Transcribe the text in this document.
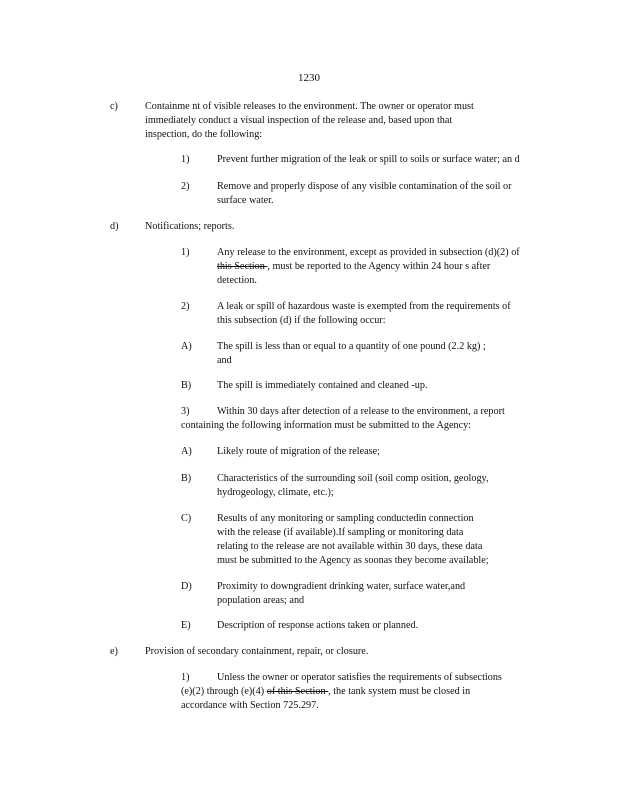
1230
c)	Containme nt of visible releases to the environment. The owner or operator must
immediately conduct a visual inspection of the release and, based upon that
inspection, do the following:
1)	Prevent further migration of the leak or spill to soils or surface water; an d
2)	Remove and properly dispose of any visible contamination of the soil or
surface water.
d)	Notifications; reports.
1)	Any release to the environment, except as provided in subsection (d)(2) of
this Section , must be reported to the Agency within 24 hour s after
detection.
2)	A leak or spill of hazardous waste is exempted from the requirements of
this subsection (d) if the following occur:
A) The spill is less than or equal to a quantity of one pound (2.2 kg) ;
and
B)	The spill is immediately contained and cleaned -up.
3)	Within 30 days after detection of a release to the environment, a report
containing the following information must be submitted to the Agency:
A) Likely route of migration of the release;
B)	Characteristics of the surrounding soil (soil comp osition, geology,
hydrogeology, climate, etc.);
C)	Results of any monitoring or sampling conductedin connection
with the release (if available).If sampling or monitoring data
relating to the release are not available within 30 days, these data
must be submitted to the Agency as soonas they become available;
D) Proximity to downgradient drinking water, surface water,and
population areas; and
E)	Description of response actions taken or planned.
e)	Provision of secondary containment, repair, or closure.
1)	Unless the owner or operator satisfies the requirements of subsections
(e)(2) through (e)(4) of this Section , the tank system must be closed in
accordance with Section 725.297.
